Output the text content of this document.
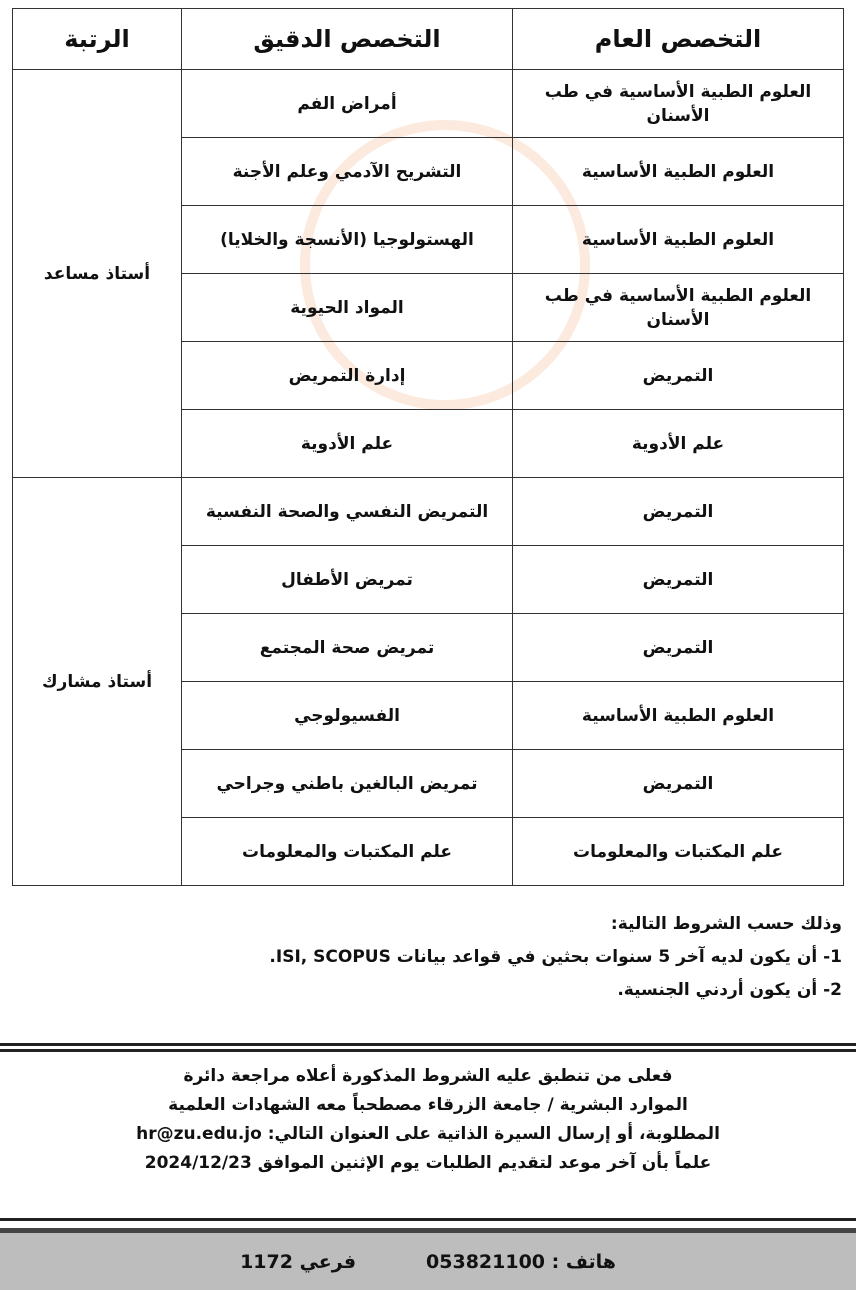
التخصص العام	التخصص الدقيق	الرتبة
العلوم الطبية الأساسية في طب الأسنان	أمراض الفم	أستاذ مساعد
العلوم الطبية الأساسية	التشريح الآدمي وعلم الأجنة	
العلوم الطبية الأساسية	الهستولوجيا (الأنسجة والخلايا)	
العلوم الطبية الأساسية في طب الأسنان	المواد الحيوية	
التمريض	إدارة التمريض	
علم الأدوية	علم الأدوية	
التمريض	التمريض النفسي والصحة النفسية	أستاذ مشارك
التمريض	تمريض الأطفال	
التمريض	تمريض صحة المجتمع	
العلوم الطبية الأساسية	الفسيولوجي	
التمريض	تمريض البالغين باطني وجراحي	
علم المكتبات والمعلومات	علم المكتبات والمعلومات	
وذلك حسب الشروط التالية:
1- أن يكون لديه آخر 5 سنوات بحثين في قواعد بيانات ISI, SCOPUS.
2- أن يكون أردني الجنسية.
فعلى من تنطبق عليه الشروط المذكورة أعلاه مراجعة دائرة
الموارد البشرية / جامعة الزرقاء مصطحباً معه الشهادات العلمية
المطلوبة، أو إرسال السيرة الذاتية على العنوان التالي: hr@zu.edu.jo
علماً بأن آخر موعد لتقديم الطلبات يوم الإثنين الموافق 2024/12/23
هاتف : 053821100
فرعي 1172
